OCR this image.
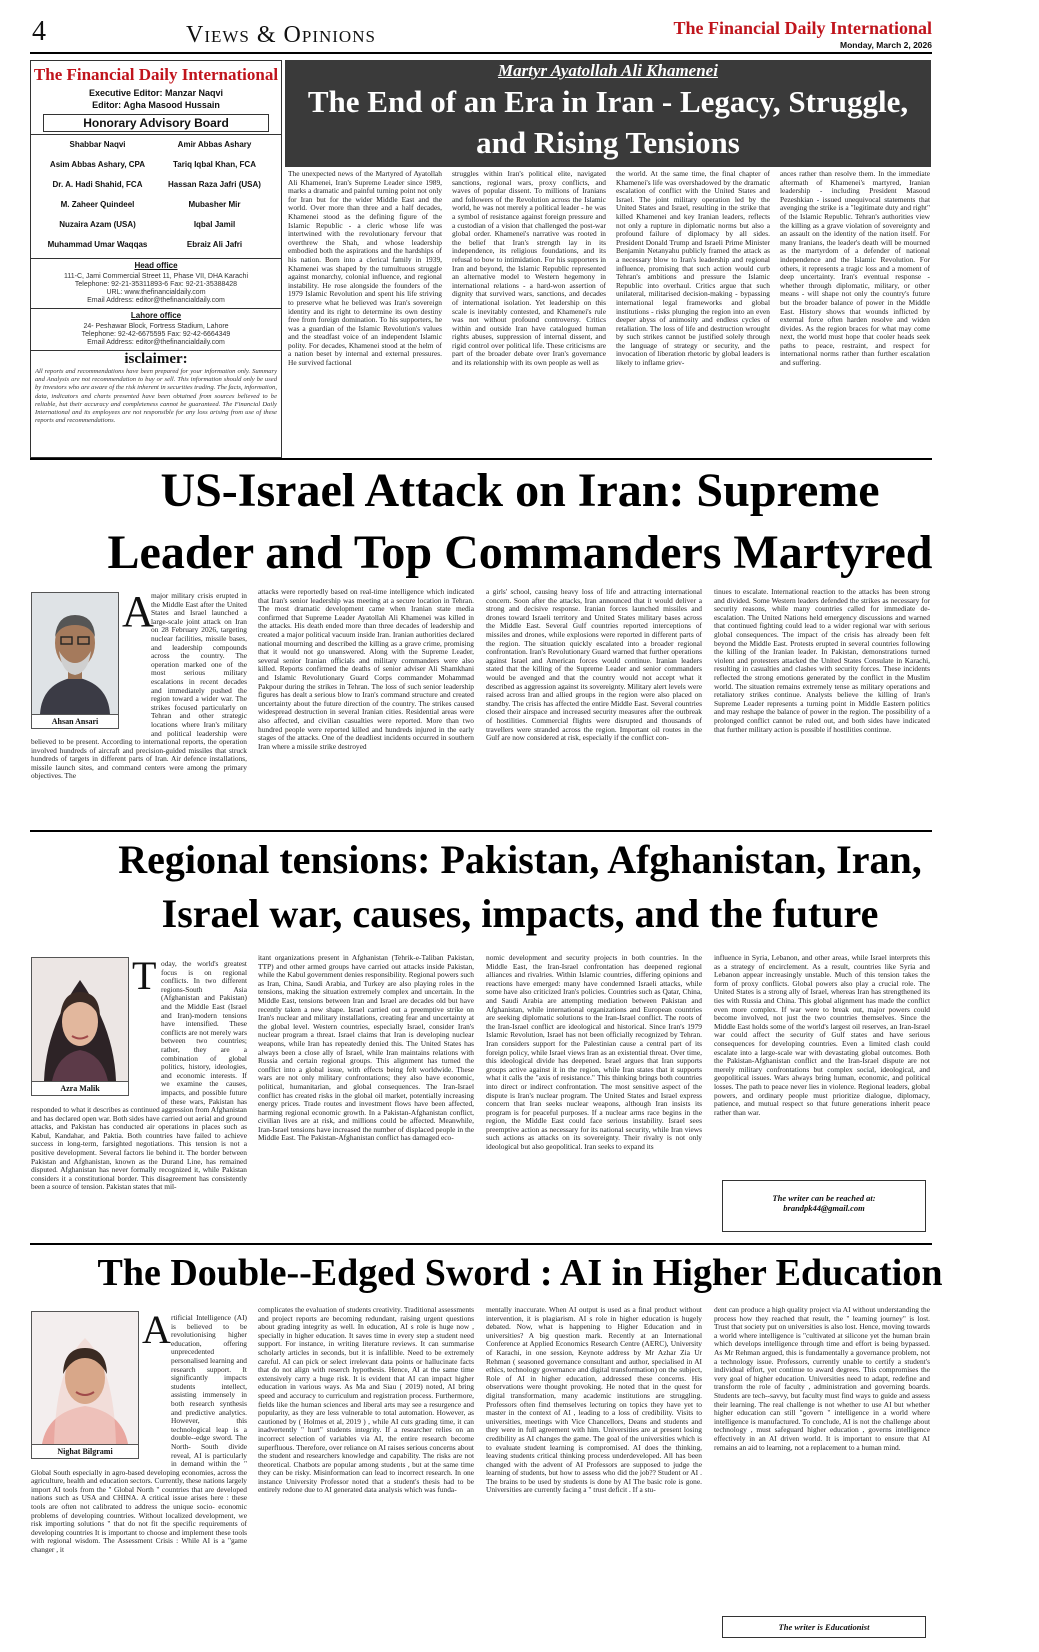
4	Views & Opinions	The Financial Daily International
Monday, March 2, 2026
The Financial Daily International
Executive Editor: Manzar Naqvi
Editor: Agha Masood Hussain
Honorary Advisory Board
Shabbar Naqvi	Amir Abbas Ashary
Asim Abbas Ashary, CPA	Tariq Iqbal Khan, FCA
Dr. A. Hadi Shahid, FCA	Hassan Raza Jafri (USA)
M. Zaheer Quindeel	Mubasher Mir
Nuzaira Azam (USA)	Iqbal Jamil
Muhammad Umar Waqqas	Ebraiz Ali Jafri
Head office
111-C, Jami Commercial Street 11, Phase VII, DHA Karachi
Telephone: 92-21-35311893-6 Fax: 92-21-35388428
URL: www.thefinancialdaily.com
Email Address: editor@thefinancialdaily.com
Lahore office
24- Peshawar Block, Fortress Stadium, Lahore
Telephone: 92-42-6675595 Fax: 92-42-6664349
Email Address: editor@thefinancialdaily.com
isclaimer:
All reports and recommendations have been prepared for your information only. Summary and Analysis are not recommendation to buy or sell. This information should only be used by investors who are aware of the risk inherent in securities trading. The facts, information, data, indicators and charts presented have been obtained from sources believed to be reliable, but their accuracy and completeness cannot be guaranteed. The Financial Daily International and its employees are not responsible for any loss arising from use of these reports and recommendations.
Martyr Ayatollah Ali Khamenei
The End of an Era in Iran - Legacy, Struggle, and Rising Tensions
The unexpected news of the Martyred of Ayatollah Ali Khamenei, Iran's Supreme Leader since 1989, marks a dramatic and painful turning point not only for Iran but for the wider Middle East and the world. Over more than three and a half decades, Khamenei stood as the defining figure of the Islamic Republic - a cleric whose life was intertwined with the revolutionary fervour that overthrew the Shah, and whose leadership embodied both the aspirations and the hardships of his nation. Born into a clerical family in 1939, Khamenei was shaped by the tumultuous struggle against monarchy, colonial influence, and regional instability. He rose alongside the founders of the 1979 Islamic Revolution and spent his life striving to preserve what he believed was Iran's sovereign identity and its right to determine its own destiny free from foreign domination. To his supporters, he was a guardian of the Islamic Revolution's values and the steadfast voice of an independent Islamic polity. For decades, Khamenei stood at the helm of a nation beset by internal and external pressures. He survived factional
struggles within Iran's political elite, navigated sanctions, regional wars, proxy conflicts, and waves of popular dissent. To millions of Iranians and followers of the Revolution across the Islamic world, he was not merely a political leader - he was a symbol of resistance against foreign pressure and a custodian of a vision that challenged the post-war global order. Khamenei's narrative was rooted in the belief that Iran's strength lay in its independence, its religious foundations, and its refusal to bow to intimidation. For his supporters in Iran and beyond, the Islamic Republic represented an alternative model to Western hegemony in international relations - a hard-won assertion of dignity that survived wars, sanctions, and decades of international isolation. Yet leadership on this scale is inevitably contested, and Khamenei's rule was not without profound controversy. Critics within and outside Iran have catalogued human rights abuses, suppression of internal dissent, and rigid control over political life. These criticisms are part of the broader debate over Iran's governance and its relationship with its own people as well as
the world. At the same time, the final chapter of Khamenei's life was overshadowed by the dramatic escalation of conflict with the United States and Israel. The joint military operation led by the United States and Israel, resulting in the strike that killed Khamenei and key Iranian leaders, reflects not only a rupture in diplomatic norms but also a profound failure of diplomacy by all sides. President Donald Trump and Israeli Prime Minister Benjamin Netanyahu publicly framed the attack as a necessary blow to Iran's leadership and regional influence, promising that such action would curb Tehran's ambitions and pressure the Islamic Republic into overhaul. Critics argue that such unilateral, militarised decision-making - bypassing international legal frameworks and global institutions - risks plunging the region into an even deeper abyss of animosity and endless cycles of retaliation. The loss of life and destruction wrought by such strikes cannot be justified solely through the language of strategy or security, and the invocation of liberation rhetoric by global leaders is likely to inflame griev-
ances rather than resolve them. In the immediate aftermath of Khamenei's martyred, Iranian leadership - including President Masoud Pezeshkian - issued unequivocal statements that avenging the strike is a "legitimate duty and right" of the Islamic Republic. Tehran's authorities view the killing as a grave violation of sovereignty and an assault on the identity of the nation itself. For many Iranians, the leader's death will be mourned as the martyrdom of a defender of national independence and the Islamic Revolution. For others, it represents a tragic loss and a moment of deep uncertainty. Iran's eventual response - whether through diplomatic, military, or other means - will shape not only the country's future but the broader balance of power in the Middle East. History shows that wounds inflicted by external force often harden resolve and widen divides. As the region braces for what may come next, the world must hope that cooler heads seek paths to peace, restraint, and respect for international norms rather than further escalation and suffering.
US-Israel Attack on Iran: Supreme
Leader and Top Commanders Martyred
Ahsan Ansari
A
major military crisis erupted in the Middle East after the United States and Israel launched a large-scale joint attack on Iran on 28 February 2026, targeting nuclear facilities, missile bases, and leadership compounds across the country. The operation marked one of the most serious military escalations in recent decades and immediately pushed the region toward a wider war. The strikes focused particularly on Tehran and other strategic locations where Iran's military and political leadership were believed to be present. According to international reports, the operation involved hundreds of aircraft and precision-guided missiles that struck hundreds of targets in different parts of Iran. Air defence installations, missile launch sites, and command centers were among the primary objectives. The
attacks were reportedly based on real-time intelligence which indicated that Iran's senior leadership was meeting at a secure location in Tehran. The most dramatic development came when Iranian state media confirmed that Supreme Leader Ayatollah Ali Khamenei was killed in the attacks. His death ended more than three decades of leadership and created a major political vacuum inside Iran. Iranian authorities declared national mourning and described the killing as a grave crime, promising that it would not go unanswered. Along with the Supreme Leader, several senior Iranian officials and military commanders were also killed. Reports confirmed the deaths of senior adviser Ali Shamkhani and Islamic Revolutionary Guard Corps commander Mohammad Pakpour during the strikes in Tehran. The loss of such senior leadership figures has dealt a serious blow to Iran's command structure and created uncertainty about the future direction of the country. The strikes caused widespread destruction in several Iranian cities. Residential areas were also affected, and civilian casualties were reported. More than two hundred people were reported killed and hundreds injured in the early stages of the attacks. One of the deadliest incidents occurred in southern Iran where a missile strike destroyed
a girls' school, causing heavy loss of life and attracting international concern. Soon after the attacks, Iran announced that it would deliver a strong and decisive response. Iranian forces launched missiles and drones toward Israeli territory and United States military bases across the Middle East. Several Gulf countries reported interceptions of missiles and drones, while explosions were reported in different parts of the region. The situation quickly escalated into a broader regional confrontation. Iran's Revolutionary Guard warned that further operations against Israel and American forces would continue. Iranian leaders stated that the killing of the Supreme Leader and senior commanders would be avenged and that the country would not accept what it described as aggression against its sovereignty. Military alert levels were raised across Iran and allied groups in the region were also placed on standby. The crisis has affected the entire Middle East. Several countries closed their airspace and increased security measures after the outbreak of hostilities. Commercial flights were disrupted and thousands of travellers were stranded across the region. Important oil routes in the Gulf are now considered at risk, especially if the conflict con-
tinues to escalate. International reaction to the attacks has been strong and divided. Some Western leaders defended the strikes as necessary for security reasons, while many countries called for immediate de-escalation. The United Nations held emergency discussions and warned that continued fighting could lead to a wider regional war with serious global consequences. The impact of the crisis has already been felt beyond the Middle East. Protests erupted in several countries following the killing of the Iranian leader. In Pakistan, demonstrations turned violent and protesters attacked the United States Consulate in Karachi, resulting in casualties and clashes with security forces. These incidents reflected the strong emotions generated by the conflict in the Muslim world. The situation remains extremely tense as military operations and retaliatory strikes continue. Analysts believe the killing of Iran's Supreme Leader represents a turning point in Middle Eastern politics and may reshape the balance of power in the region. The possibility of a prolonged conflict cannot be ruled out, and both sides have indicated that further military action is possible if hostilities continue.
Regional tensions: Pakistan, Afghanistan, Iran,
Israel war, causes, impacts, and the future
Azra Malik
T oday, the world's greatest focus is on regional conflicts. In two different regions-South Asia (Afghanistan and Pakistan) and the Middle East (Israel and Iran)-modern tensions have intensified. These conflicts are not merely wars between two countries; rather, they are a combination of global politics, history, ideologies, and economic interests. If we examine the causes, impacts, and possible future of these wars, Pakistan has responded to what it describes as continued aggression from Afghanistan and has declared open war. Both sides have carried out aerial and ground attacks, and Pakistan has conducted air operations in places such as Kabul, Kandahar, and Paktia. Both countries have failed to achieve success in long-term, farsighted negotiations. This tension is not a positive development. Several factors lie behind it. The border between Pakistan and Afghanistan, known as the Durand Line, has remained disputed. Afghanistan has never formally recognized it, while Pakistan considers it a constitutional border. This disagreement has consistently been a source of tension. Pakistan states that mil-
itant organizations present in Afghanistan (Tehrik-e-Taliban Pakistan, TTP) and other armed groups have carried out attacks inside Pakistan, while the Kabul government denies responsibility. Regional powers such as Iran, China, Saudi Arabia, and Turkey are also playing roles in the tensions, making the situation extremely complex and uncertain. In the Middle East, tensions between Iran and Israel are decades old but have recently taken a new shape. Israel carried out a preemptive strike on Iran's nuclear and military installations, creating fear and uncertainty at the global level. Western countries, especially Israel, consider Iran's nuclear program a threat. Israel claims that Iran is developing nuclear weapons, while Iran has repeatedly denied this. The United States has always been a close ally of Israel, while Iran maintains relations with Russia and certain regional groups. This alignment has turned the conflict into a global issue, with effects being felt worldwide. These wars are not only military confrontations; they also have economic, political, humanitarian, and global consequences. The Iran-Israel conflict has created risks in the global oil market, potentially increasing energy prices. Trade routes and investment flows have been affected, harming regional economic growth. In a Pakistan-Afghanistan conflict, civilian lives are at risk, and millions could be affected. Meanwhile, Iran-Israel tensions have increased the number of displaced people in the Middle East. The Pakistan-Afghanistan conflict has damaged eco-
nomic development and security projects in both countries. In the Middle East, the Iran-Israel confrontation has deepened regional alliances and rivalries. Within Islamic countries, differing opinions and reactions have emerged: many have condemned Israeli attacks, while some have also criticized Iran's policies. Countries such as Qatar, China, and Saudi Arabia are attempting mediation between Pakistan and Afghanistan, while international organizations and European countries are seeking diplomatic solutions to the Iran-Israel conflict. The roots of the Iran-Israel conflict are ideological and historical. Since Iran's 1979 Islamic Revolution, Israel has not been officially recognized by Tehran. Iran considers support for the Palestinian cause a central part of its foreign policy, while Israel views Iran as an existential threat. Over time, this ideological divide has deepened. Israel argues that Iran supports groups active against it in the region, while Iran states that it supports what it calls the "axis of resistance." This thinking brings both countries into direct or indirect confrontation. The most sensitive aspect of the dispute is Iran's nuclear program. The United States and Israel express concern that Iran seeks nuclear weapons, although Iran insists its program is for peaceful purposes. If a nuclear arms race begins in the region, the Middle East could face serious instability. Israel sees preemptive action as necessary for its national security, while Iran views such actions as attacks on its sovereignty. Their rivalry is not only ideological but also geopolitical. Iran seeks to expand its
influence in Syria, Lebanon, and other areas, while Israel interprets this as a strategy of encirclement. As a result, countries like Syria and Lebanon appear increasingly unstable. Much of this tension takes the form of proxy conflicts. Global powers also play a crucial role. The United States is a strong ally of Israel, whereas Iran has strengthened its ties with Russia and China. This global alignment has made the conflict even more complex. If war were to break out, major powers could become involved, not just the two countries themselves. Since the Middle East holds some of the world's largest oil reserves, an Iran-Israel war could affect the security of Gulf states and have serious consequences for developing countries. Even a limited clash could escalate into a large-scale war with devastating global outcomes. Both the Pakistan-Afghanistan conflict and the Iran-Israel dispute are not merely military confrontations but complex social, ideological, and geopolitical issues. Wars always bring human, economic, and political losses. The path to peace never lies in violence. Regional leaders, global powers, and ordinary people must prioritize dialogue, diplomacy, patience, and mutual respect so that future generations inherit peace rather than war.
The writer can be reached at:
brandpk44@gmail.com
The Double--Edged Sword : AI in Higher Education
Nighat Bilgrami
A rtificial Intelligence (AI) is believed to be revolutionising higher education, offering unprecedented personalised learning and research support. It significantly impacts students intellect, assisting immensely in both research synthesis and predictive analytics. However, this technological leap is a double--edge sword. The North- South divide reveal, AI is particularly in demand within the " Global South especially in agro-based developing economies, across the agriculture, health and education sectors. Currently, these nations largely import AI tools from the " Global North " countries that are developed nations such as USA and CHINA. A critical issue arises here : these tools are often not calibrated to address the unique socio- economic problems of developing countries. Without localized development, we risk importing solutions " that do not fit the specific requirements of developing countries It is important to choose and implement these tools with regional wisdom. The Assessment Crisis : While AI is a "game changer , it
complicates the evaluation of students creativity. Traditional assessments and project reports are becoming redundant, raising urgent questions about grading integrity as well. In education, AI s role is huge now , specially in higher education. It saves time in every step a student need support. For instance, in writing literature reviews. It can summarise scholarly articles in seconds, but it is infallible. Need to be extremely careful. AI can pick or select irrelevant data points or hallucinate facts that do not align with reserch hypothesis. Hence, AI at the same time extensively carry a huge risk. It is evident that AI can impact higher education in various ways. As Ma and Siau ( 2019) noted, AI bring speed and accuracy to curriculum and registration process. Furthermore, fields like the human sciences and liberal arts may see a resurgence and popularity, as they are less vulnerable to total automation. However, as cautioned by ( Holmes et al, 2019 ) , while AI cuts grading time, it can inadvertently " hurt" students integrity. If a researcher relies on an incorrect selection of variables via AI, the entire research become superfluous. Therefore, over reliance on AI raises serious concerns about the student and researchers knowledge and capability. The risks are not theoretical. Chatbots are popular among students , but at the same time they can be risky. Misinformation can lead to incorrect research. In one instance University Professor noted that a student's thesis had to be entirely redone due to AI generated data analysis which was funda-
mentally inaccurate. When AI output is used as a final product without intervention, it is plagiarism. AI s role in higher education is hugely debated. Now, what is happening to Higher Education and in universities? A big question mark. Recently at an International Conference at Applied Economics Research Centre (AERC), University of Karachi, in one session, Keynote address by Mr Azhar Zia Ur Rehman ( seasoned governance consultant and author, specialised in AI ethics, technology governance and digital transformation) on the subject, Role of AI in higher education, addressed these concerns. His observations were thought provoking. He noted that in the quest for digital transformation, many academic institutions are struggling. Professors often find themselves lecturing on topics they have yet to master in the context of AI , leading to a loss of credibility. Visits to universities, meetings with Vice Chancellors, Deans and students and they were in full agreement with him. Universities are at present losing credibility as AI changes the game. The goal of the universities which is to evaluate student learning is compromised. AI does the thinking, leaving students critical thinking process underdeveloped. All has been changed with the advent of AI Professors are supposed to judge the learning of students, but how to assess who did the job?? Student or AI . The brains to be used by students is done by AI The basic role is gone. Universities are currently facing a " trust deficit . If a stu-
dent can produce a high quality project via AI without understanding the process how they reached that result, the " learning journey" is lost. Trust that society put on universities is also lost. Hence, moving towards a world where intelligence is "cultivated at silicone yet the human brain which develops intelligence through time and effort is being bypassed. As Mr Rehman argued, this is fundamentally a governance problem, not a technology issue. Professors, currently unable to certify a student's individual effort, yet continue to award degrees. This compromises the very goal of higher education. Universities need to adapt, redefine and transform the role of faculty , administration and governing boards. Students are tech--savvy, but faculty must find ways to guide and assess their learning. The real challenge is not whether to use AI but whether higher education can still "govern " intelligence in a world where intelligence is manufactured. To conclude, AI is not the challenge about technology , must safeguard higher education , governs intelligence effectively in an AI driven world. It is important to ensure that AI remains an aid to learning, not a replacement to a human mind.
The writer is Educationist
